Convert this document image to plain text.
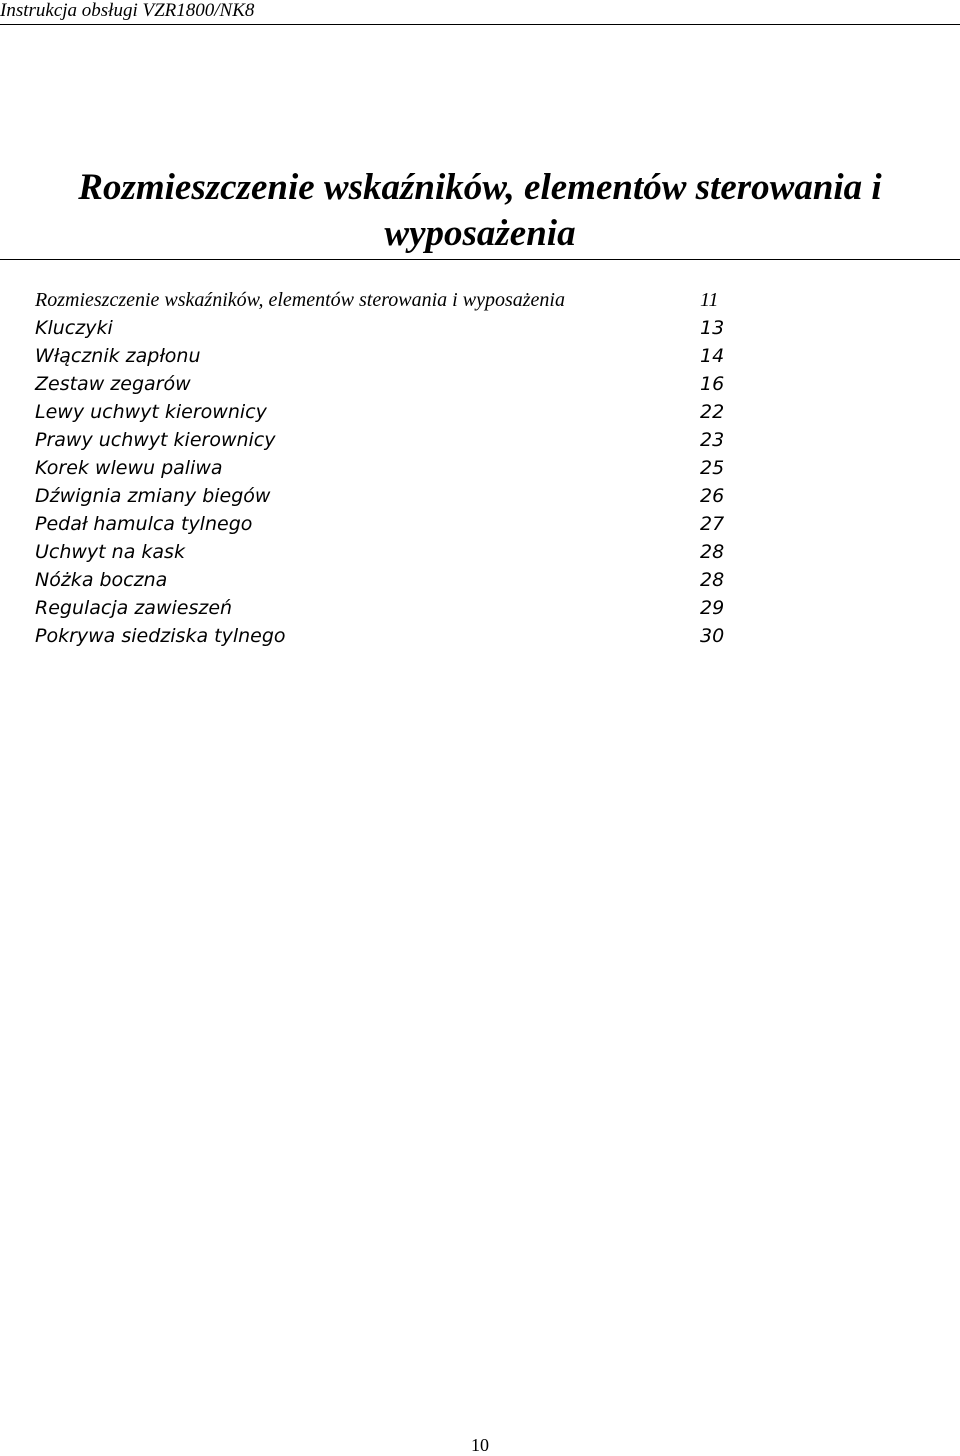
Instrukcja obsługi VZR1800/NK8
Rozmieszczenie wskaźników, elementów sterowania i wyposażenia
Rozmieszczenie wskaźników, elementów sterowania i wyposażenia	11
Kluczyki	13
Włącznik zapłonu	14
Zestaw zegarów	16
Lewy uchwyt kierownicy	22
Prawy uchwyt kierownicy	23
Korek wlewu paliwa	25
Dźwignia zmiany biegów	26
Pedał hamulca tylnego	27
Uchwyt na kask	28
Nóżka boczna	28
Regulacja zawieszeń	29
Pokrywa siedziska tylnego	30
10
